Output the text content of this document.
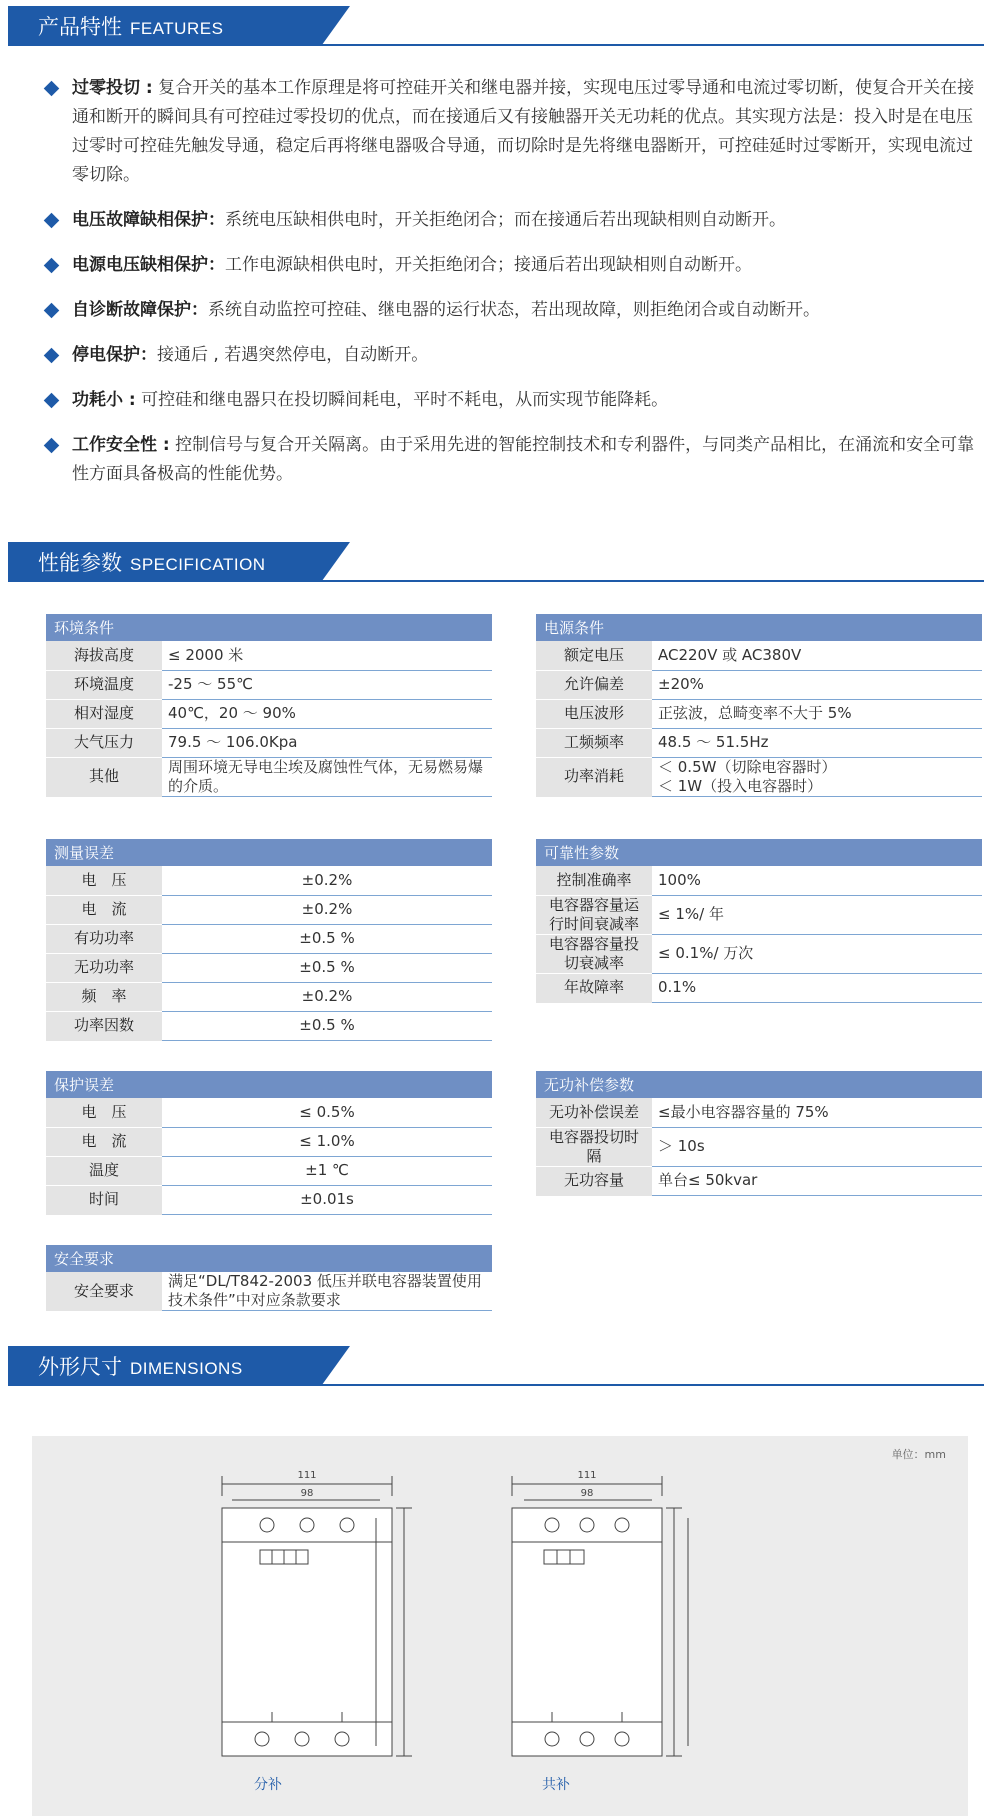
产品特性 FEATURES
过零投切 : 复合开关的基本工作原理是将可控硅开关和继电器并接，实现电压过零导通和电流过零切断，使复合开关在接通和断开的瞬间具有可控硅过零投切的优点，而在接通后又有接触器开关无功耗的优点。其实现方法是：投入时是在电压过零时可控硅先触发导通，稳定后再将继电器吸合导通，而切除时是先将继电器断开，可控硅延时过零断开，实现电流过零切除。
电压故障缺相保护：系统电压缺相供电时，开关拒绝闭合；而在接通后若出现缺相则自动断开。
电源电压缺相保护：工作电源缺相供电时，开关拒绝闭合；接通后若出现缺相则自动断开。
自诊断故障保护：系统自动监控可控硅、继电器的运行状态，若出现故障，则拒绝闭合或自动断开。
停电保护：接通后 , 若遇突然停电，自动断开。
功耗小 : 可控硅和继电器只在投切瞬间耗电，平时不耗电，从而实现节能降耗。
工作安全性 : 控制信号与复合开关隔离。由于采用先进的智能控制技术和专利器件，与同类产品相比，在涌流和安全可靠性方面具备极高的性能优势。
性能参数 SPECIFICATION
环境条件	
海拔高度	≤ 2000 米
环境温度	-25 ～ 55℃
相对湿度	40℃，20 ～ 90%
大气压力	79.5 ～ 106.0Kpa
其他	周围环境无导电尘埃及腐蚀性气体，无易燃易爆的介质。
电源条件	
额定电压	AC220V 或 AC380V
允许偏差	±20%
电压波形	正弦波，总畸变率不大于 5%
工频频率	48.5 ～ 51.5Hz
功率消耗	＜ 0.5W（切除电容器时）
＜ 1W（投入电容器时）
测量误差	
电　压	±0.2%
电　流	±0.2%
有功功率	±0.5 %
无功功率	±0.5 %
频　率	±0.2%
功率因数	±0.5 %
可靠性参数	
控制准确率	100%
电容器容量运行时间衰减率	≤ 1%/ 年
电容器容量投切衰减率	≤ 0.1%/ 万次
年故障率	0.1%
保护误差	
电　压	≤ 0.5%
电　流	≤ 1.0%
温度	±1 ℃
时间	±0.01s
无功补偿参数	
无功补偿误差	≤最小电容器容量的 75%
电容器投切时隔	＞ 10s
无功容量	单台≤ 50kvar
安全要求
安全要求	满足“DL/T842-2003 低压并联电容器装置使用技术条件”中对应条款要求
外形尺寸 DIMENSIONS
单位：mm
111
98
111
98
分补	共补
